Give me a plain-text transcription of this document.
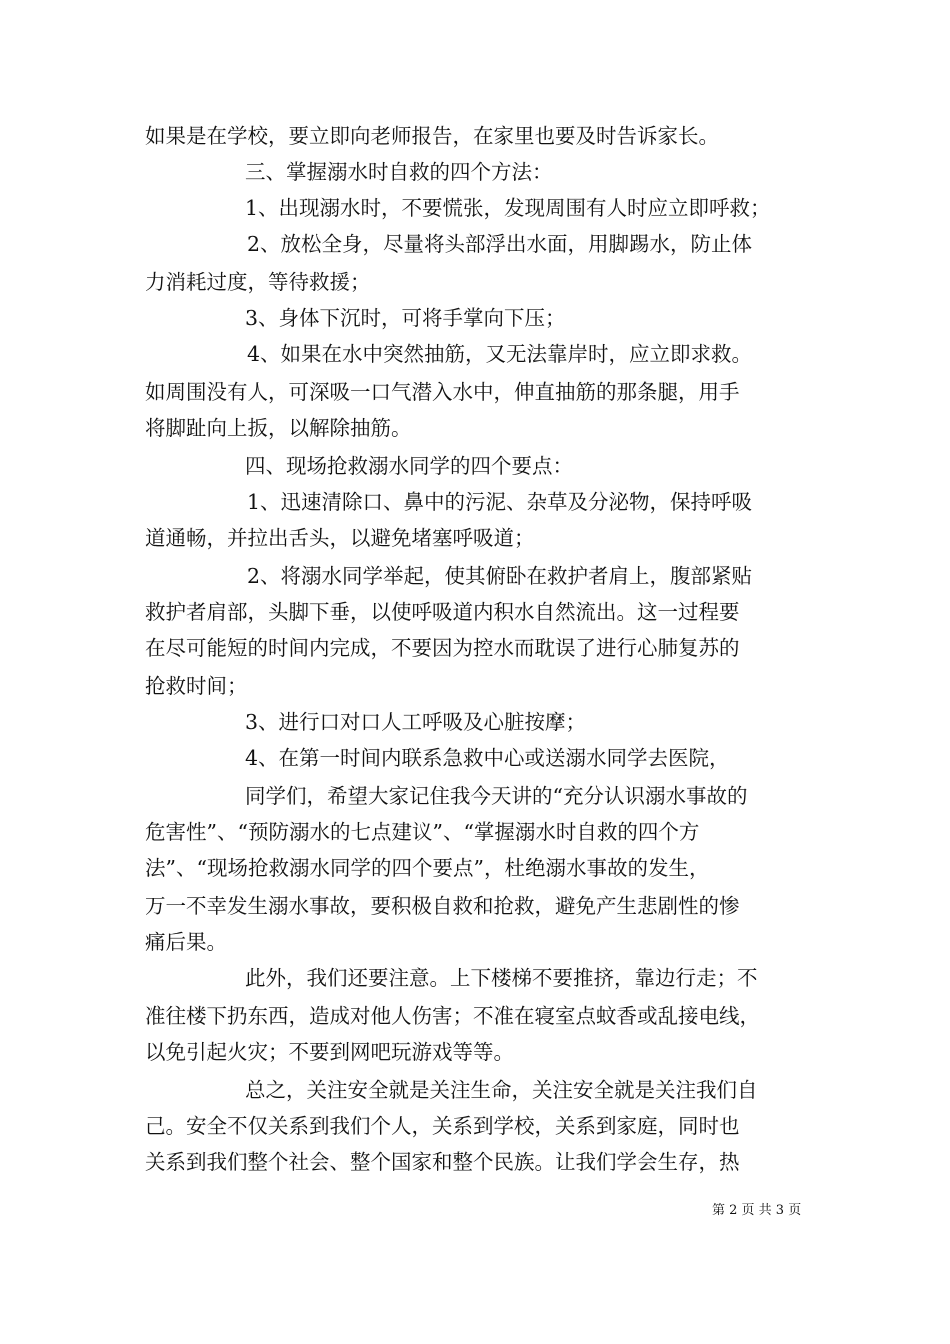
如果是在学校，要立即向老师报告，在家里也要及时告诉家长。
三、掌握溺水时自救的四个方法：
1、出现溺水时，不要慌张，发现周围有人时应立即呼救；
2、放松全身，尽量将头部浮出水面，用脚踢水，防止体
力消耗过度，等待救援；
3、身体下沉时，可将手掌向下压；
4、如果在水中突然抽筋，又无法靠岸时，应立即求救。
如周围没有人，可深吸一口气潜入水中，伸直抽筋的那条腿，用手
将脚趾向上扳，以解除抽筋。
四、现场抢救溺水同学的四个要点：
1、迅速清除口、鼻中的污泥、杂草及分泌物，保持呼吸
道通畅，并拉出舌头，以避免堵塞呼吸道；
2、将溺水同学举起，使其俯卧在救护者肩上，腹部紧贴
救护者肩部，头脚下垂，以使呼吸道内积水自然流出。这一过程要
在尽可能短的时间内完成，不要因为控水而耽误了进行心肺复苏的
抢救时间；
3、进行口对口人工呼吸及心脏按摩；
4、在第一时间内联系急救中心或送溺水同学去医院，
同学们，希望大家记住我今天讲的“充分认识溺水事故的
危害性”、“预防溺水的七点建议”、“掌握溺水时自救的四个方
法”、“现场抢救溺水同学的四个要点”，杜绝溺水事故的发生，
万一不幸发生溺水事故，要积极自救和抢救，避免产生悲剧性的惨
痛后果。
此外，我们还要注意。上下楼梯不要推挤，靠边行走；不
准往楼下扔东西，造成对他人伤害；不准在寝室点蚊香或乱接电线，
以免引起火灾；不要到网吧玩游戏等等。
总之，关注安全就是关注生命，关注安全就是关注我们自
己。安全不仅关系到我们个人，关系到学校，关系到家庭，同时也
关系到我们整个社会、整个国家和整个民族。让我们学会生存，热
第 2 页 共 3 页
